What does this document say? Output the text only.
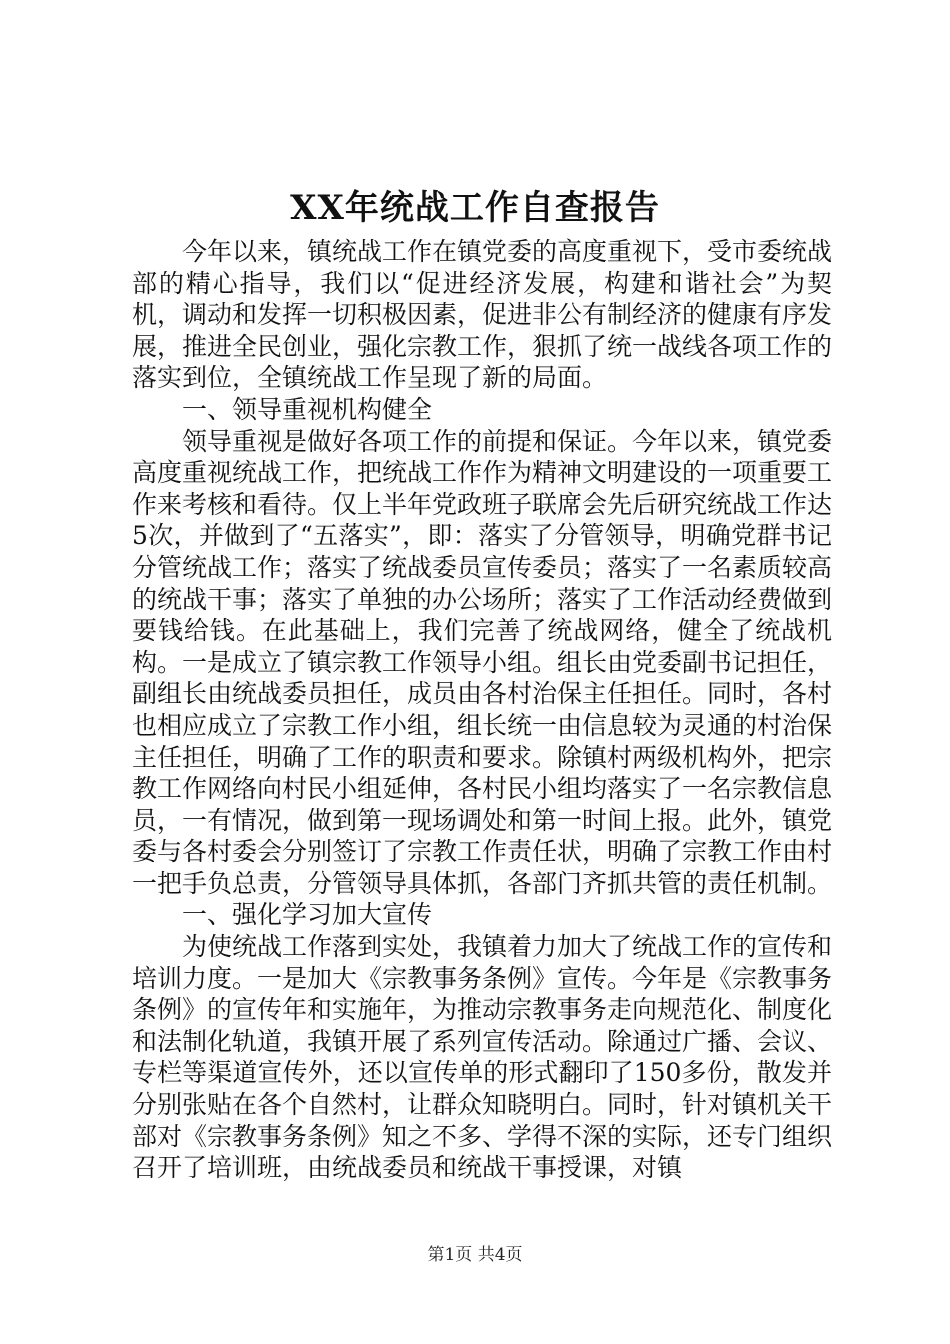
XX年统战工作自查报告

今年以来，镇统战工作在镇党委的高度重视下，受市委统战部的精心指导，我们以“促进经济发展，构建和谐社会”为契机，调动和发挥一切积极因素，促进非公有制经济的健康有序发展，推进全民创业，强化宗教工作，狠抓了统一战线各项工作的落实到位，全镇统战工作呈现了新的局面。

一、领导重视机构健全

领导重视是做好各项工作的前提和保证。今年以来，镇党委高度重视统战工作，把统战工作作为精神文明建设的一项重要工作来考核和看待。仅上半年党政班子联席会先后研究统战工作达5次，并做到了“五落实”，即：落实了分管领导，明确党群书记分管统战工作；落实了统战委员宣传委员；落实了一名素质较高的统战干事；落实了单独的办公场所；落实了工作活动经费做到要钱给钱。在此基础上，我们完善了统战网络，健全了统战机构。一是成立了镇宗教工作领导小组。组长由党委副书记担任，副组长由统战委员担任，成员由各村治保主任担任。同时，各村也相应成立了宗教工作小组，组长统一由信息较为灵通的村治保主任担任，明确了工作的职责和要求。除镇村两级机构外，把宗教工作网络向村民小组延伸，各村民小组均落实了一名宗教信息员，一有情况，做到第一现场调处和第一时间上报。此外，镇党委与各村委会分别签订了宗教工作责任状，明确了宗教工作由村一把手负总责，分管领导具体抓，各部门齐抓共管的责任机制。

一、强化学习加大宣传

为使统战工作落到实处，我镇着力加大了统战工作的宣传和培训力度。一是加大《宗教事务条例》宣传。今年是《宗教事务条例》的宣传年和实施年，为推动宗教事务走向规范化、制度化和法制化轨道，我镇开展了系列宣传活动。除通过广播、会议、专栏等渠道宣传外，还以宣传单的形式翻印了150多份，散发并分别张贴在各个自然村，让群众知晓明白。同时，针对镇机关干部对《宗教事务条例》知之不多、学得不深的实际，还专门组织召开了培训班，由统战委员和统战干事授课，对镇

第1页 共4页
